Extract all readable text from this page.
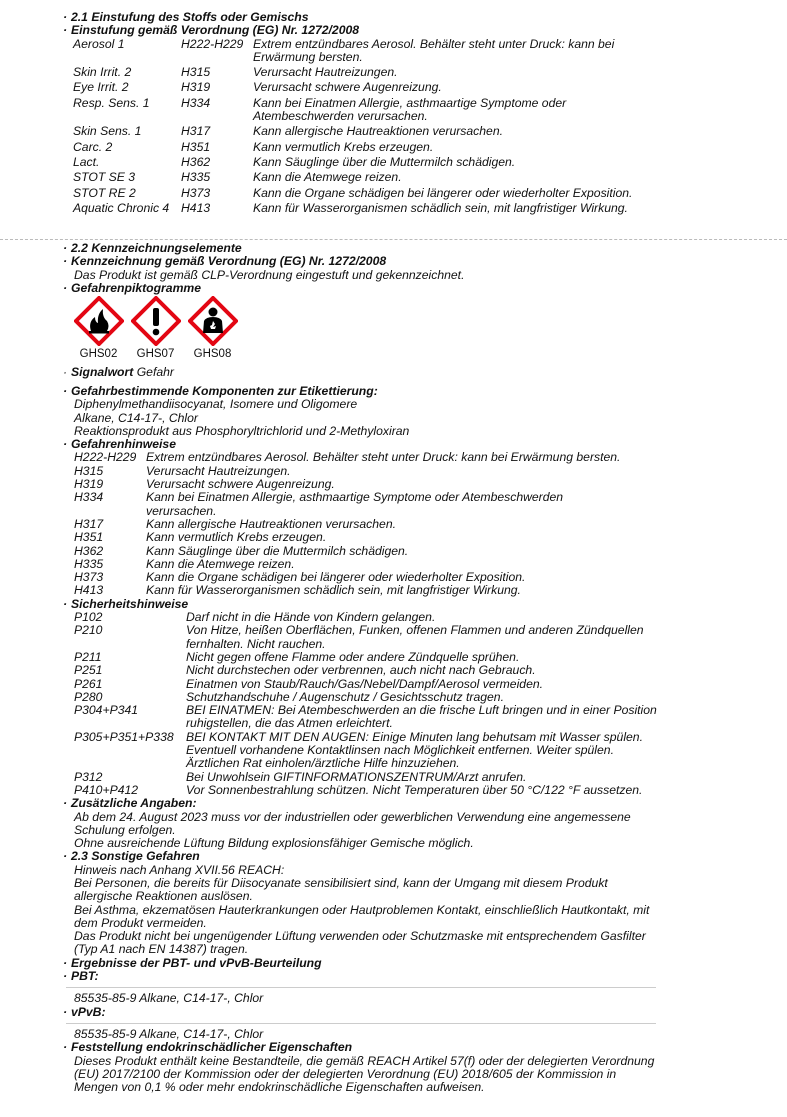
· 2.1 Einstufung des Stoffs oder Gemischs
· Einstufung gemäß Verordnung (EG) Nr. 1272/2008
Aerosol 1	H222-H229 Extrem entzündbares Aerosol. Behälter steht unter Druck: kann bei Erwärmung bersten.
Skin Irrit. 2	H315	Verursacht Hautreizungen.
Eye Irrit. 2	H319	Verursacht schwere Augenreizung.
Resp. Sens. 1	H334	Kann bei Einatmen Allergie, asthmaartige Symptome oder Atembeschwerden verursachen.
Skin Sens. 1	H317	Kann allergische Hautreaktionen verursachen.
Carc. 2	H351	Kann vermutlich Krebs erzeugen.
Lact.	H362	Kann Säuglinge über die Muttermilch schädigen.
STOT SE 3	H335	Kann die Atemwege reizen.
STOT RE 2	H373	Kann die Organe schädigen bei längerer oder wiederholter Exposition.
Aquatic Chronic 4 H413	Kann für Wasserorganismen schädlich sein, mit langfristiger Wirkung.
· 2.2 Kennzeichnungselemente
· Kennzeichnung gemäß Verordnung (EG) Nr. 1272/2008
Das Produkt ist gemäß CLP-Verordnung eingestuft und gekennzeichnet.
· Gefahrenpiktogramme
GHS02	GHS07	GHS08
· Signalwort Gefahr
· Gefahrbestimmende Komponenten zur Etikettierung:
Diphenylmethandiisocyanat, Isomere und Oligomere
Alkane, C14-17-, Chlor
Reaktionsprodukt aus Phosphoryltrichlorid und 2-Methyloxiran
· Gefahrenhinweise
H222-H229 Extrem entzündbares Aerosol. Behälter steht unter Druck: kann bei Erwärmung bersten.
H315	Verursacht Hautreizungen.
H319	Verursacht schwere Augenreizung.
H334	Kann bei Einatmen Allergie, asthmaartige Symptome oder Atembeschwerden verursachen.
H317	Kann allergische Hautreaktionen verursachen.
H351	Kann vermutlich Krebs erzeugen.
H362	Kann Säuglinge über die Muttermilch schädigen.
H335	Kann die Atemwege reizen.
H373	Kann die Organe schädigen bei längerer oder wiederholter Exposition.
H413	Kann für Wasserorganismen schädlich sein, mit langfristiger Wirkung.
· Sicherheitshinweise
P102	Darf nicht in die Hände von Kindern gelangen.
P210	Von Hitze, heißen Oberflächen, Funken, offenen Flammen und anderen Zündquellen fernhalten. Nicht rauchen.
P211	Nicht gegen offene Flamme oder andere Zündquelle sprühen.
P251	Nicht durchstechen oder verbrennen, auch nicht nach Gebrauch.
P261	Einatmen von Staub/Rauch/Gas/Nebel/Dampf/Aerosol vermeiden.
P280	Schutzhandschuhe / Augenschutz / Gesichtsschutz tragen.
P304+P341	BEI EINATMEN: Bei Atembeschwerden an die frische Luft bringen und in einer Position ruhigstellen, die das Atmen erleichtert.
P305+P351+P338	BEI KONTAKT MIT DEN AUGEN: Einige Minuten lang behutsam mit Wasser spülen. Eventuell vorhandene Kontaktlinsen nach Möglichkeit entfernen. Weiter spülen. Ärztlichen Rat einholen/ärztliche Hilfe hinzuziehen.
P312	Bei Unwohlsein GIFTINFORMATIONSZENTRUM/Arzt anrufen.
P410+P412	Vor Sonnenbestrahlung schützen. Nicht Temperaturen über 50 °C/122 °F aussetzen.
· Zusätzliche Angaben:
Ab dem 24. August 2023 muss vor der industriellen oder gewerblichen Verwendung eine angemessene Schulung erfolgen.
Ohne ausreichende Lüftung Bildung explosionsfähiger Gemische möglich.
· 2.3 Sonstige Gefahren
Hinweis nach Anhang XVII.56 REACH:
Bei Personen, die bereits für Diisocyanate sensibilisiert sind, kann der Umgang mit diesem Produkt allergische Reaktionen auslösen.
Bei Asthma, ekzematösen Hauterkrankungen oder Hautproblemen Kontakt, einschließlich Hautkontakt, mit dem Produkt vermeiden.
Das Produkt nicht bei ungenügender Lüftung verwenden oder Schutzmaske mit entsprechendem Gasfilter (Typ A1 nach EN 14387) tragen.
· Ergebnisse der PBT- und vPvB-Beurteilung
· PBT:
85535-85-9 Alkane, C14-17-, Chlor
· vPvB:
85535-85-9 Alkane, C14-17-, Chlor
· Feststellung endokrinschädlicher Eigenschaften
Dieses Produkt enthält keine Bestandteile, die gemäß REACH Artikel 57(f) oder der delegierten Verordnung (EU) 2017/2100 der Kommission oder der delegierten Verordnung (EU) 2018/605 der Kommission in Mengen von 0,1 % oder mehr endokrinschädliche Eigenschaften aufweisen.
